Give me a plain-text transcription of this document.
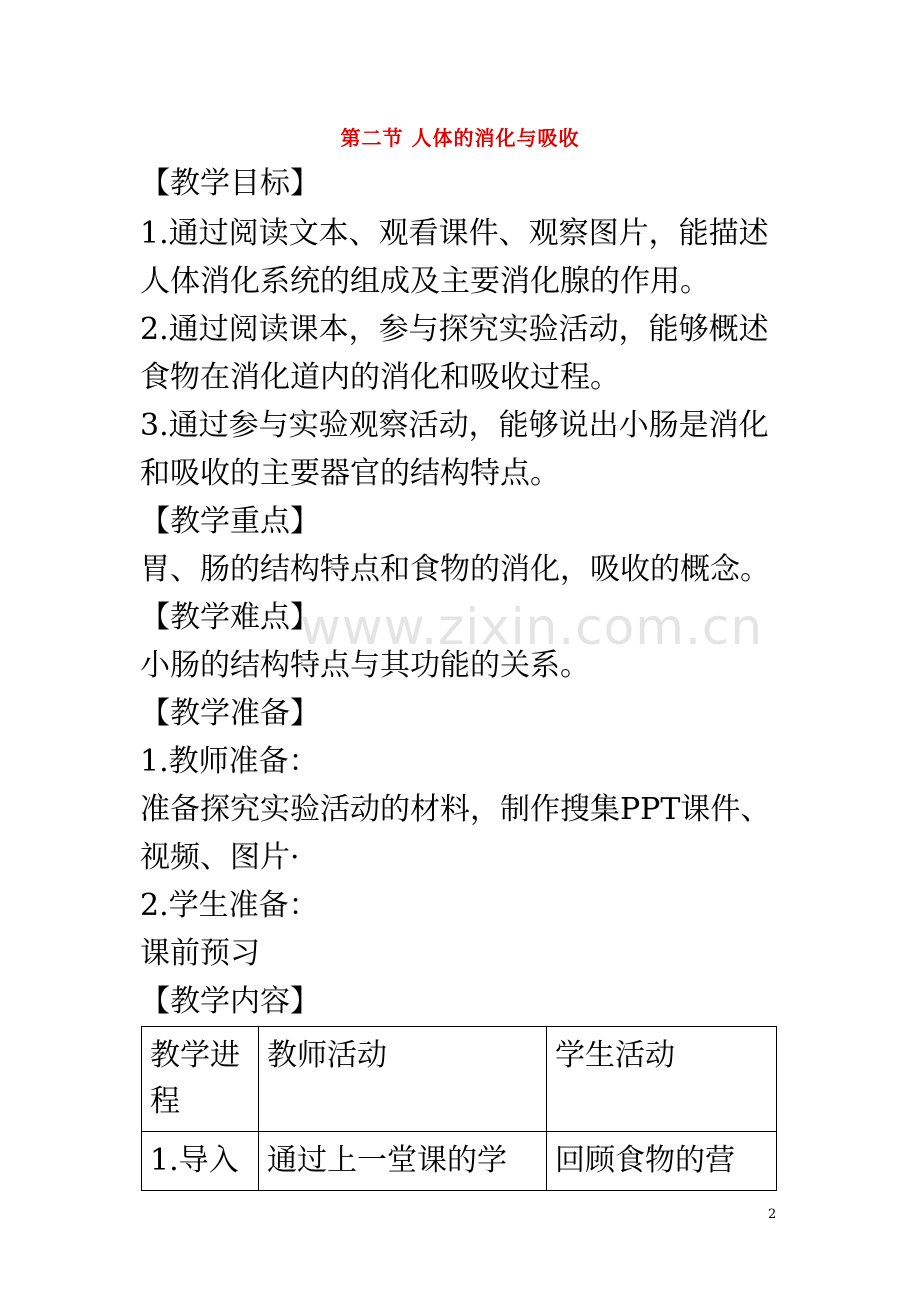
第二节 人体的消化与吸收
【教学目标】
1.通过阅读文本、观看课件、观察图片，能描述
人体消化系统的组成及主要消化腺的作用。
2.通过阅读课本，参与探究实验活动，能够概述
食物在消化道内的消化和吸收过程。
3.通过参与实验观察活动，能够说出小肠是消化
和吸收的主要器官的结构特点。
【教学重点】
胃、肠的结构特点和食物的消化，吸收的概念。
【教学难点】
小肠的结构特点与其功能的关系。
【教学准备】
1.教师准备：
准备探究实验活动的材料，制作搜集PPT课件、
视频、图片·
2.学生准备：
课前预习
【教学内容】
www.zixin.com.cn
教学进程	教师活动	学生活动
1.导入	通过上一堂课的学	回顾食物的营
2
